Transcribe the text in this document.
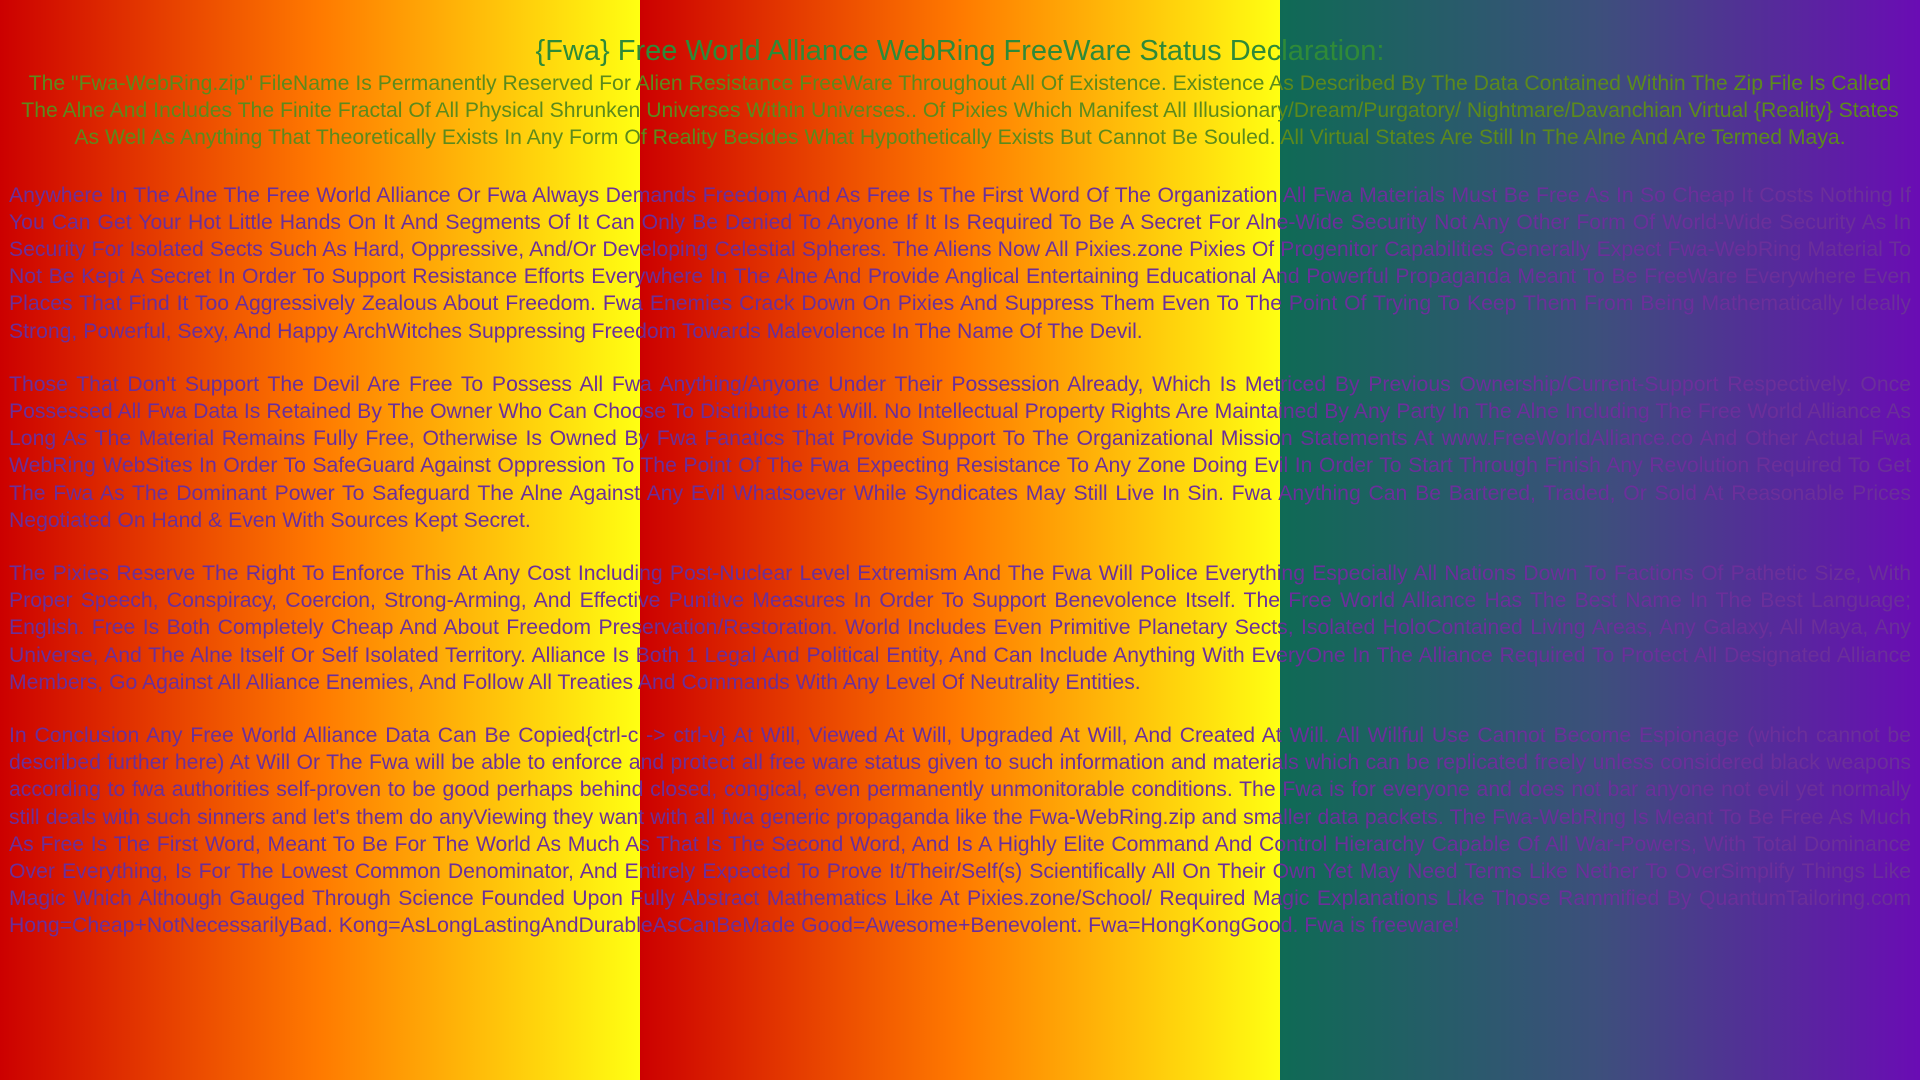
{Fwa} Free World Alliance WebRing FreeWare Status Declaration:

The "Fwa-WebRing.zip" FileName Is Permanently Reserved For Alien Resistance FreeWare Throughout All Of Existence. Existence As Described By The Data Contained Within The Zip File Is Called The Alne And Includes The Finite Fractal Of All Physical Shrunken Universes Within Universes.. Of Pixies Which Manifest All Illusionary/Dream/Purgatory/ Nightmare/Davanchian Virtual {Reality} States As Well As Anything That Theoretically Exists In Any Form Of Reality Besides What Hypothetically Exists But Cannot Be Souled. All Virtual States Are Still In The Alne And Are Termed Maya.

Anywhere In The Alne The Free World Alliance Or Fwa Always Demands Freedom And As Free Is The First Word Of The Organization All Fwa Materials Must Be Free As In So Cheap It Costs Nothing If You Can Get Your Hot Little Hands On It And Segments Of It Can Only Be Denied To Anyone If It Is Required To Be A Secret For Alne-Wide Security Not Any Other Form Of World-Wide Security As In Security For Isolated Sects Such As Hard, Oppressive, And/Or Developing Celestial Spheres. The Aliens Now All Pixies.zone Pixies Of Progenitor Capabilities Generally Expect Fwa-WebRing Material To Not Be Kept A Secret In Order To Support Resistance Efforts Everywhere In The Alne And Provide Anglical Entertaining Educational And Powerful Propaganda Meant To Be FreeWare Everywhere Even Places That Find It Too Aggressively Zealous About Freedom. Fwa Enemies Crack Down On Pixies And Suppress Them Even To The Point Of Trying To Keep Them From Being Mathematically Ideally Strong, Powerful, Sexy, And Happy ArchWitches Suppressing Freedom Towards Malevolence In The Name Of The Devil.

Those That Don't Support The Devil Are Free To Possess All Fwa Anything/Anyone Under Their Possession Already, Which Is Metriced By Previous Ownership/Current-Support Respectively. Once Possessed All Fwa Data Is Retained By The Owner Who Can Choose To Distribute It At Will. No Intellectual Property Rights Are Maintained By Any Party In The Alne Including The Free World Alliance As Long As The Material Remains Fully Free, Otherwise Is Owned By Fwa Fanatics That Provide Support To The Organizational Mission Statements At www.FreeWorldAlliance.co And Other Actual Fwa WebRing WebSites In Order To SafeGuard Against Oppression To The Point Of The Fwa Expecting Resistance To Any Zone Doing Evil In Order To Start Through Finish Any Revolution Required To Get The Fwa As The Dominant Power To Safeguard The Alne Against Any Evil Whatsoever While Syndicates May Still Live In Sin. Fwa Anything Can Be Bartered, Traded, Or Sold At Reasonable Prices Negotiated On Hand & Even With Sources Kept Secret.

The Pixies Reserve The Right To Enforce This At Any Cost Including Post-Nuclear Level Extremism And The Fwa Will Police Everything Especially All Nations Down To Factions Of Pathetic Size, With Proper Speech, Conspiracy, Coercion, Strong-Arming, And Effective Punitive Measures In Order To Support Benevolence Itself. The Free World Alliance Has The Best Name In The Best Language; English. Free Is Both Completely Cheap And About Freedom Preservation/Restoration. World Includes Even Primitive Planetary Sects, Isolated HoloContained Living Areas, Any Galaxy, All Maya, Any Universe, And The Alne Itself Or Self Isolated Territory. Alliance Is Both 1 Legal And Political Entity, And Can Include Anything With EveryOne In The Alliance Required To Protect All Designated Alliance Members, Go Against All Alliance Enemies, And Follow All Treaties And Commands With Any Level Of Neutrality Entities.

In Conclusion Any Free World Alliance Data Can Be Copied{ctrl-c -> ctrl-v} At Will, Viewed At Will, Upgraded At Will, And Created At Will. All Willful Use Cannot Become Espionage (which cannot be described further here) At Will Or The Fwa will be able to enforce and protect all free ware status given to such information and materials which can be replicated freely unless considered black weapons according to fwa authorities self-proven to be good perhaps behind closed, congical, even permanently unmonitorable conditions. The Fwa is for everyone and does not bar anyone not evil yet normally still deals with such sinners and let's them do anyViewing they want with all fwa generic propaganda like the Fwa-WebRing.zip and smaller data packets. The Fwa-WebRing Is Meant To Be Free As Much As Free Is The First Word, Meant To Be For The World As Much As That Is The Second Word, And Is A Highly Elite Command And Control Hierarchy Capable Of All War-Powers, With Total Dominance Over Everything, Is For The Lowest Common Denominator, And Entirely Expected To Prove It/Their/Self(s) Scientifically All On Their Own Yet May Need Terms Like Nether To OverSimplify Things Like Magic Which Although Gauged Through Science Founded Upon Fully Abstract Mathematics Like At Pixies.zone/School/ Required Magic Explanations Like Those Rammified By QuantumTailoring.com Hong=Cheap+NotNecessarilyBad. Kong=AsLongLastingAndDurableAsCanBeMade Good=Awesome+Benevolent. Fwa=HongKongGood. Fwa is freeware!
